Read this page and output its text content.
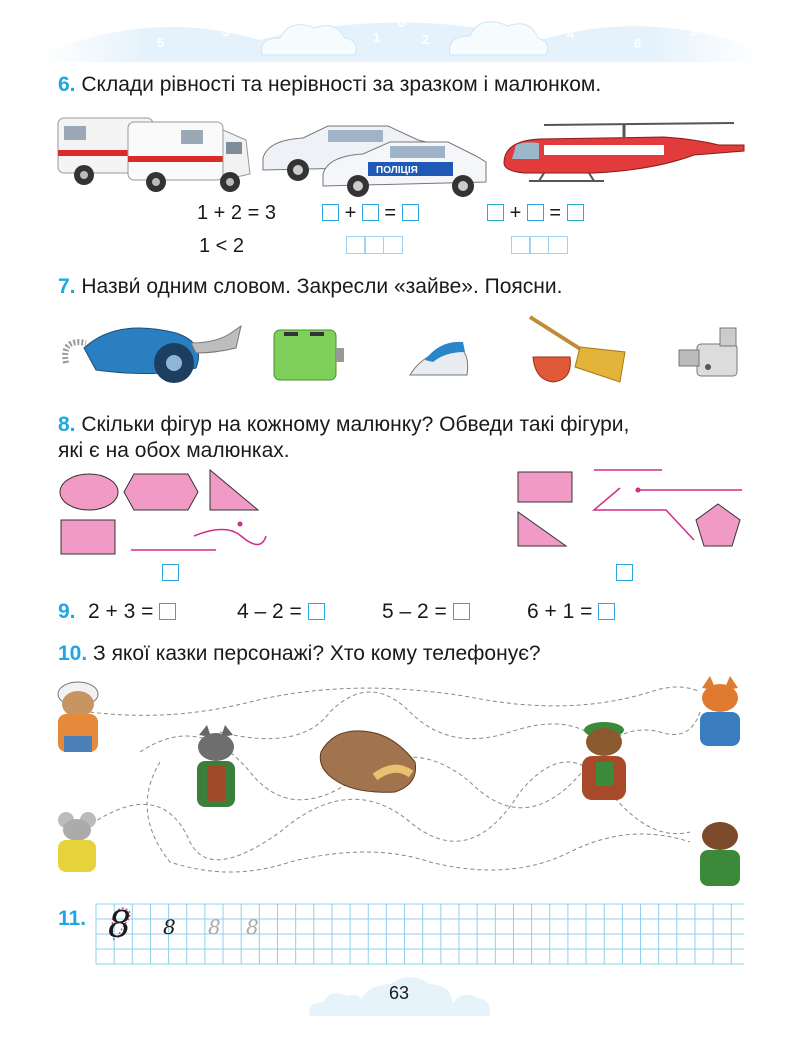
7
5
3	1
0
2	4
6
8
6. Склади рівності та нерівності за зразком і малюнком.
ПОЛІЦІЯ
1 + 2 = 3	+ =	+ =
1 < 2
7. Назви́ одним словом. Закресли «зайве». Поясни.
8. Скільки фігур на кожному малюнку? Обведи такі фігури,
які є на обох малюнках.
9. 2 + 3 =	4 – 2 =	5 – 2 =	6 + 1 =
10. З якої казки персонажі? Хто кому телефонує?
11. 8 8 8 8
63
